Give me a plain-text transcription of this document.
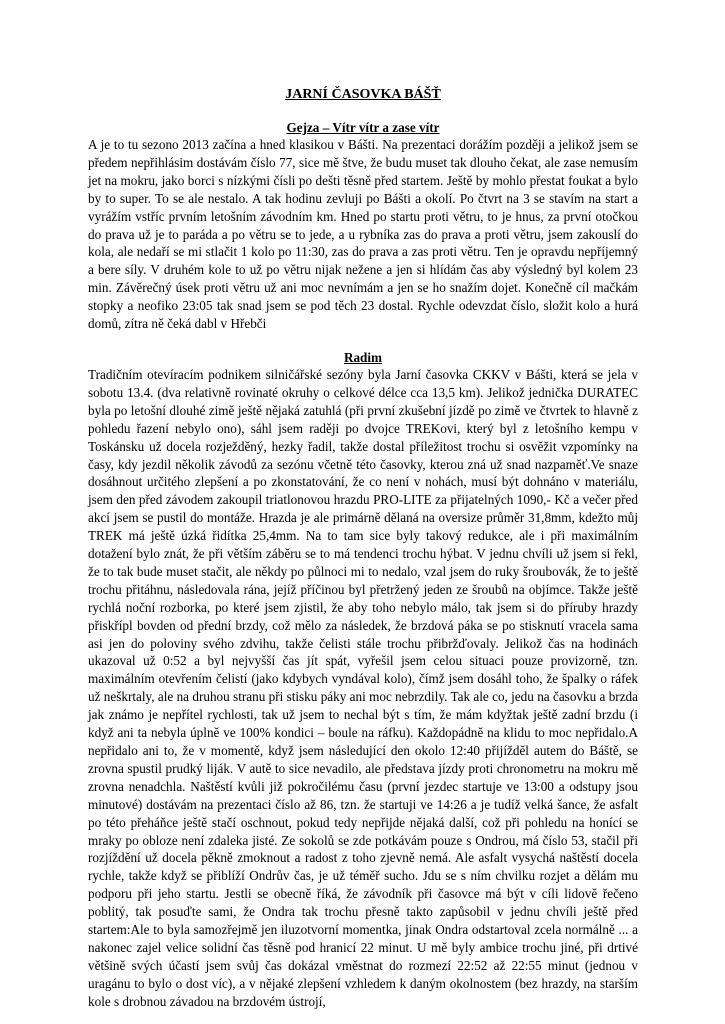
JARNÍ ČASOVKA BÁŠŤ
Gejza – Vítr vítr a zase vítr

A je to tu sezono 2013 začína a hned klasikou v Bášti. Na prezentaci dorážím později a jelikož jsem se předem nepřihlásim dostávám číslo 77, sice mě štve, že budu muset tak dlouho čekat, ale zase nemusím jet na mokru, jako borci s nízkými čísli po dešti těsně před startem. Ještě by mohlo přestat foukat a bylo by to super. To se ale nestalo. A tak hodinu zevluji po Bášti a okolí. Po čtvrt na 3 se stavím na start a vyrážím vstříc prvním letošním závodním km. Hned po startu proti větru, to je hnus, za první otočkou do prava už je to paráda a po větru se to jede, a u rybníka zas do prava a proti větru, jsem zakouslí do kola, ale nedaří se mi stlačit 1 kolo po 11:30, zas do prava a zas proti větru. Ten je opravdu nepříjemný a bere síly. V druhém kole to už po větru nijak nežene a jen si hlídám čas aby výsledný byl kolem 23 min. Závěrečný úsek proti větru už ani moc nevnímám a jen se ho snažím dojet. Konečně cíl mačkám stopky a neofiko 23:05 tak snad jsem se pod těch 23 dostal. Rychle odevzdat číslo, složit kolo a hurá domů, zítra ně čeká dabl v Hřebči

Radim

Tradičním otevíracím podnikem silničářské sezóny byla Jarní časovka CKKV v Bášti, která se jela v sobotu 13.4. (dva relativně rovinaté okruhy o celkové délce cca 13,5 km). Jelikož jednička DURATEC byla po letošní dlouhé zimě ještě nějaká zatuhlá (při první zkušební jízdě po zimě ve čtvrtek to hlavně z pohledu řazení nebylo ono), sáhl jsem raději po dvojce TREKovi, který byl z letošního kempu v Toskánsku už docela rozježděný, hezky řadil, takže dostal příležitost trochu si osvěžit vzpomínky na časy, kdy jezdil několik závodů za sezónu včetně této časovky, kterou zná už snad nazpaměť.Ve snaze dosáhnout určitého zlepšení a po zkonstatování, že co není v nohách, musí být dohnáno v materiálu, jsem den před závodem zakoupil triatlonovou hrazdu PRO-LITE za přijatelných 1090,- Kč a večer před akcí jsem se pustil do montáže. Hrazda je ale primárně dělaná na oversize průměr 31,8mm, kdežto můj TREK má ještě úzká řidítka 25,4mm. Na to tam sice byly takový redukce, ale i při maximálním dotažení bylo znát, že při větším záběru se to má tendenci trochu hýbat. V jednu chvíli už jsem si řekl, že to tak bude muset stačit, ale někdy po půlnoci mi to nedalo, vzal jsem do ruky šroubovák, že to ještě trochu přitáhnu, následovala rána, jejíž příčinou byl přetržený jeden ze šroubů na objímce. Takže ještě rychlá noční rozborka, po které jsem zjistil, že aby toho nebylo málo, tak jsem si do příruby hrazdy přiskřípl bovden od přední brzdy, což mělo za následek, že brzdová páka se po stisknutí vracela sama asi jen do poloviny svého zdvihu, takže čelisti stále trochu přibržďovaly. Jelikož čas na hodinách ukazoval už 0:52 a byl nejvyšší čas jít spát, vyřešil jsem celou situaci pouze provizorně, tzn. maximálním otevřením čelistí (jako kdybych vyndával kolo), čímž jsem dosáhl toho, že špalky o ráfek už neškrtaly, ale na druhou stranu při stisku páky ani moc nebrzdily. Tak ale co, jedu na časovku a brzda jak známo je nepřítel rychlosti, tak už jsem to nechal být s tím, že mám kdyžtak ještě zadní brzdu (i když ani ta nebyla úplně ve 100% kondici – boule na ráfku). Každopádně na klidu to moc nepřidalo.A nepřidalo ani to, že v momentě, když jsem následující den okolo 12:40 přijížděl autem do Báště, se zrovna spustil prudký liják. V autě to sice nevadilo, ale představa jízdy proti chronometru na mokru mě zrovna nenadchla. Naštěstí kvůli již pokročilému času (první jezdec startuje ve 13:00 a odstupy jsou minutové) dostávám na prezentaci číslo až 86, tzn. že startuji ve 14:26 a je tudíž velká šance, že asfalt po této přeháňce ještě stačí oschnout, pokud tedy nepřijde nějaká další, což při pohledu na honící se mraky po obloze není zdaleka jisté. Ze sokolů se zde potkávám pouze s Ondrou, má číslo 53, stačil při rozjíždění už docela pěkně zmoknout a radost z toho zjevně nemá. Ale asfalt vysychá naštěstí docela rychle, takže když se přiblíží Ondrův čas, je už téměř sucho. Jdu se s ním chvilku rozjet a dělám mu podporu při jeho startu. Jestli se obecně říká, že závodník při časovce má být v cíli lidově řečeno poblitý, tak posuďte sami, že Ondra tak trochu přesně takto zapůsobil v jednu chvíli ještě před startem:Ale to byla samozřejmě jen iluzotvorní momentka, jinak Ondra odstartoval zcela normálně ... a nakonec zajel velice solidní čas těsně pod hranicí 22 minut. U mě byly ambice trochu jiné, při drtivé většině svých účastí jsem svůj čas dokázal vměstnat do rozmezí 22:52 až 22:55 minut (jednou v uragánu to bylo o dost víc), a v nějaké zlepšení vzhledem k daným okolnostem (bez hrazdy, na starším kole s drobnou závadou na brzdovém ústrojí,
